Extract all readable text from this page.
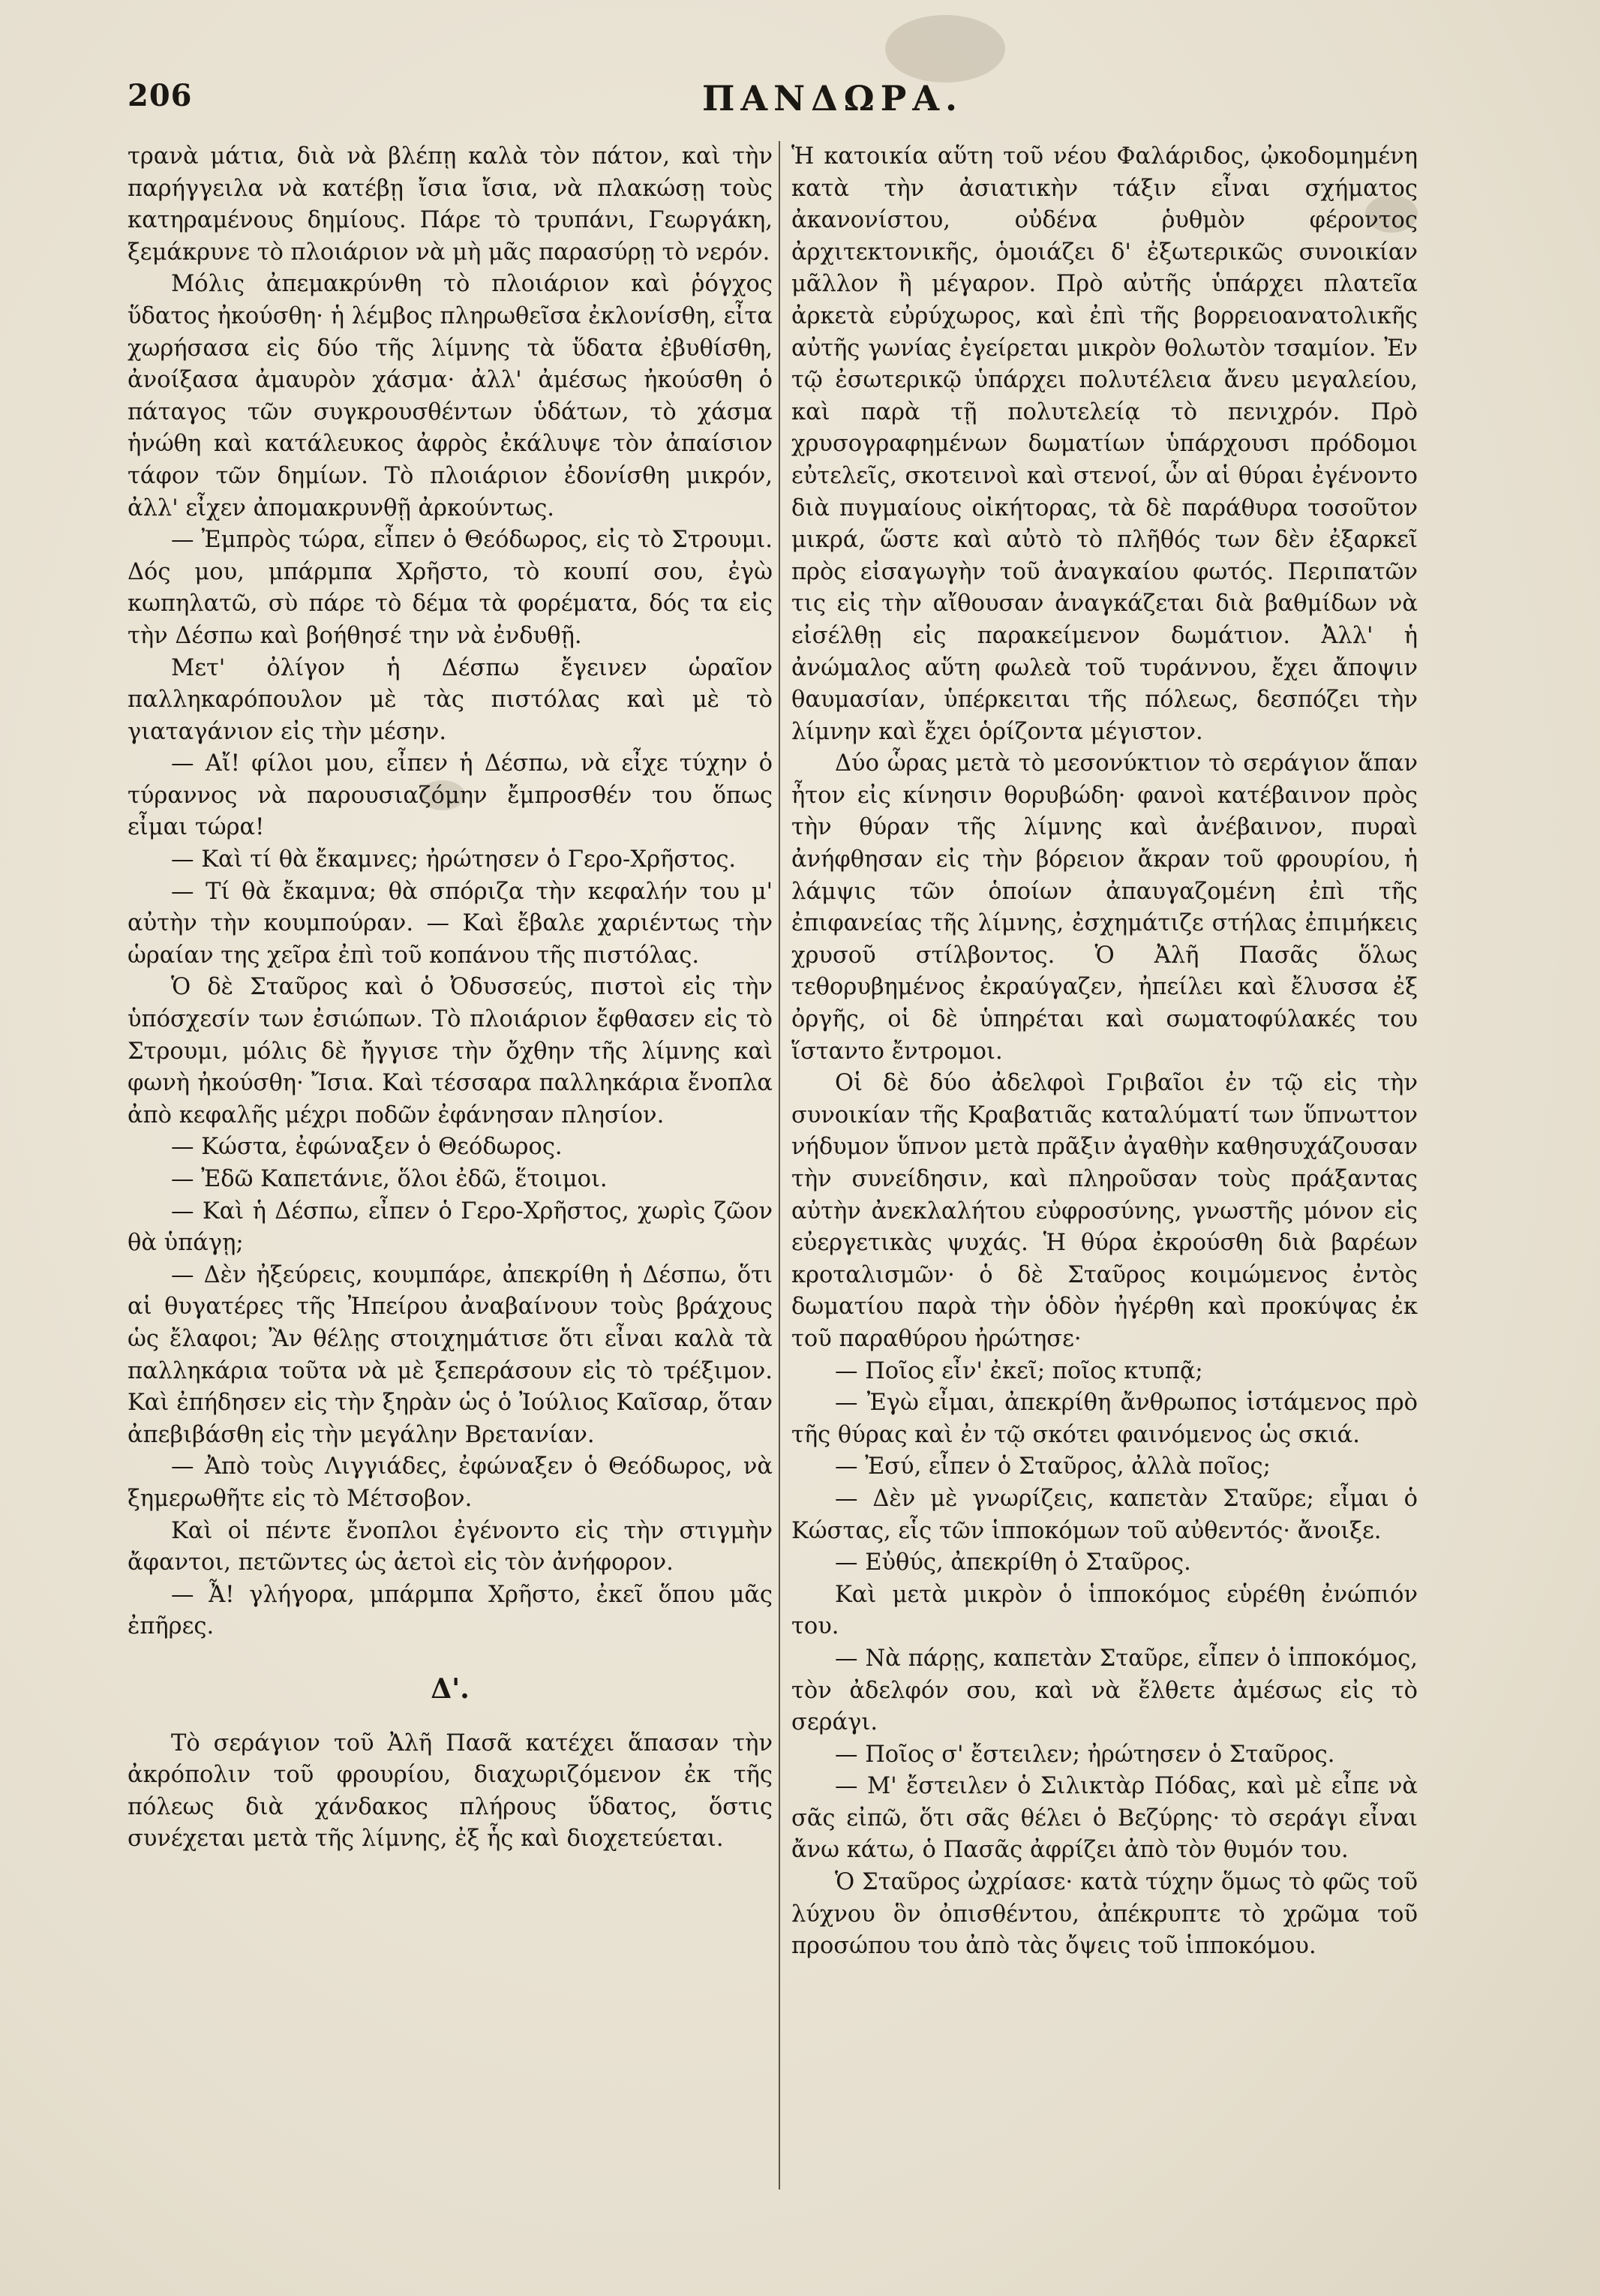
206	ΠΑΝΔΩΡΑ.

τρανὰ μάτια, διὰ νὰ βλέπῃ καλὰ τὸν πάτον, καὶ τὴν παρήγγειλα νὰ κατέβῃ ἴσια ἴσια, νὰ πλακώσῃ τοὺς κατηραμένους δημίους. Πάρε τὸ τρυπάνι, Γεωργάκη, ξεμάκρυνε τὸ πλοιάριον νὰ μὴ μᾶς παρασύρῃ τὸ νερόν.

Μόλις ἀπεμακρύνθη τὸ πλοιάριον καὶ ῥόγχος ὕδατος ἠκούσθη· ἡ λέμβος πληρωθεῖσα ἐκλονίσθη, εἶτα χωρήσασα εἰς δύο τῆς λίμνης τὰ ὕδατα ἐβυθίσθη, ἀνοίξασα ἀμαυρὸν χάσμα· ἀλλ' ἀμέσως ἠκούσθη ὁ πάταγος τῶν συγκρουσθέντων ὑδάτων, τὸ χάσμα ἡνώθη καὶ κατάλευκος ἀφρὸς ἐκάλυψε τὸν ἀπαίσιον τάφον τῶν δημίων. Τὸ πλοιάριον ἐδονίσθη μικρόν, ἀλλ' εἶχεν ἀπομακρυνθῇ ἀρκούντως.

— Ἐμπρὸς τώρα, εἶπεν ὁ Θεόδωρος, εἰς τὸ Στρουμι. Δός μου, μπάρμπα Χρῆστο, τὸ κουπί σου, ἐγὼ κωπηλατῶ, σὺ πάρε τὸ δέμα τὰ φορέματα, δός τα εἰς τὴν Δέσπω καὶ βοήθησέ την νὰ ἐνδυθῇ.

Μετ' ὀλίγον ἡ Δέσπω ἔγεινεν ὡραῖον παλληκαρόπουλον μὲ τὰς πιστόλας καὶ μὲ τὸ γιαταγάνιον εἰς τὴν μέσην.

— Αἴ! φίλοι μου, εἶπεν ἡ Δέσπω, νὰ εἶχε τύχην ὁ τύραννος νὰ παρουσιαζόμην ἔμπροσθέν του ὅπως εἶμαι τώρα!

— Καὶ τί θὰ ἔκαμνες; ἠρώτησεν ὁ Γερο-Χρῆστος.

— Τί θὰ ἔκαμνα; θὰ σπόριζα τὴν κεφαλήν του μ' αὐτὴν τὴν κουμπούραν. — Καὶ ἔβαλε χαριέντως τὴν ὡραίαν της χεῖρα ἐπὶ τοῦ κοπάνου τῆς πιστόλας.

Ὁ δὲ Σταῦρος καὶ ὁ Ὀδυσσεύς, πιστοὶ εἰς τὴν ὑπόσχεσίν των ἐσιώπων. Τὸ πλοιάριον ἔφθασεν εἰς τὸ Στρουμι, μόλις δὲ ἤγγισε τὴν ὄχθην τῆς λίμνης καὶ φωνὴ ἠκούσθη· Ἴσια. Καὶ τέσσαρα παλληκάρια ἔνοπλα ἀπὸ κεφαλῆς μέχρι ποδῶν ἐφάνησαν πλησίον.

— Κώστα, ἐφώναξεν ὁ Θεόδωρος.

— Ἐδῶ Καπετάνιε, ὅλοι ἐδῶ, ἕτοιμοι.

— Καὶ ἡ Δέσπω, εἶπεν ὁ Γερο-Χρῆστος, χωρὶς ζῶον θὰ ὑπάγῃ;

— Δὲν ἠξεύρεις, κουμπάρε, ἀπεκρίθη ἡ Δέσπω, ὅτι αἱ θυγατέρες τῆς Ἠπείρου ἀναβαίνουν τοὺς βράχους ὡς ἔλαφοι; Ἂν θέλῃς στοιχημάτισε ὅτι εἶναι καλὰ τὰ παλληκάρια τοῦτα νὰ μὲ ξεπεράσουν εἰς τὸ τρέξιμον. Καὶ ἐπήδησεν εἰς τὴν ξηρὰν ὡς ὁ Ἰούλιος Καῖσαρ, ὅταν ἀπεβιβάσθη εἰς τὴν μεγάλην Βρετανίαν.

— Ἀπὸ τοὺς Λιγγιάδες, ἐφώναξεν ὁ Θεόδωρος, νὰ ξημερωθῆτε εἰς τὸ Μέτσοβον.

Καὶ οἱ πέντε ἔνοπλοι ἐγένοντο εἰς τὴν στιγμὴν ἄφαντοι, πετῶντες ὡς ἀετοὶ εἰς τὸν ἀνήφορον.

— Ἆ! γλήγορα, μπάρμπα Χρῆστο, ἐκεῖ ὅπου μᾶς ἐπῆρες.

Δ'.

Τὸ σεράγιον τοῦ Ἀλῆ Πασᾶ κατέχει ἅπασαν τὴν ἀκρόπολιν τοῦ φρουρίου, διαχωριζόμενον ἐκ τῆς πόλεως διὰ χάνδακος πλήρους ὕδατος, ὅστις συνέχεται μετὰ τῆς λίμνης, ἐξ ἧς καὶ διοχετεύεται.

Ἡ κατοικία αὕτη τοῦ νέου Φαλάριδος, ᾠκοδομημένη κατὰ τὴν ἀσιατικὴν τάξιν εἶναι σχήματος ἀκανονίστου, οὐδένα ῥυθμὸν φέροντος ἀρχιτεκτονικῆς, ὁμοιάζει δ' ἐξωτερικῶς συνοικίαν μᾶλλον ἢ μέγαρον. Πρὸ αὐτῆς ὑπάρχει πλατεῖα ἀρκετὰ εὐρύχωρος, καὶ ἐπὶ τῆς βορρειοανατολικῆς αὐτῆς γωνίας ἐγείρεται μικρὸν θολωτὸν τσαμίον. Ἐν τῷ ἐσωτερικῷ ὑπάρχει πολυτέλεια ἄνευ μεγαλείου, καὶ παρὰ τῇ πολυτελείᾳ τὸ πενιχρόν. Πρὸ χρυσογραφημένων δωματίων ὑπάρχουσι πρόδομοι εὐτελεῖς, σκοτεινοὶ καὶ στενοί, ὧν αἱ θύραι ἐγένοντο διὰ πυγμαίους οἰκήτορας, τὰ δὲ παράθυρα τοσοῦτον μικρά, ὥστε καὶ αὐτὸ τὸ πλῆθός των δὲν ἐξαρκεῖ πρὸς εἰσαγωγὴν τοῦ ἀναγκαίου φωτός. Περιπατῶν τις εἰς τὴν αἴθουσαν ἀναγκάζεται διὰ βαθμίδων νὰ εἰσέλθῃ εἰς παρακείμενον δωμάτιον. Ἀλλ' ἡ ἀνώμαλος αὕτη φωλεὰ τοῦ τυράννου, ἔχει ἄποψιν θαυμασίαν, ὑπέρκειται τῆς πόλεως, δεσπόζει τὴν λίμνην καὶ ἔχει ὁρίζοντα μέγιστον.

Δύο ὧρας μετὰ τὸ μεσονύκτιον τὸ σεράγιον ἅπαν ἦτον εἰς κίνησιν θορυβώδη· φανοὶ κατέβαινον πρὸς τὴν θύραν τῆς λίμνης καὶ ἀνέβαινον, πυραὶ ἀνήφθησαν εἰς τὴν βόρειον ἄκραν τοῦ φρουρίου, ἡ λάμψις τῶν ὁποίων ἀπαυγαζομένη ἐπὶ τῆς ἐπιφανείας τῆς λίμνης, ἐσχημάτιζε στήλας ἐπιμήκεις χρυσοῦ στίλβοντος. Ὁ Ἀλῆ Πασᾶς ὅλως τεθορυβημένος ἐκραύγαζεν, ἠπείλει καὶ ἔλυσσα ἐξ ὀργῆς, οἱ δὲ ὑπηρέται καὶ σωματοφύλακές του ἵσταντο ἔντρομοι.

Οἱ δὲ δύο ἀδελφοὶ Γριβαῖοι ἐν τῷ εἰς τὴν συνοικίαν τῆς Κραβατιᾶς καταλύματί των ὕπνωττον νήδυμον ὕπνον μετὰ πρᾶξιν ἀγαθὴν καθησυχάζουσαν τὴν συνείδησιν, καὶ πληροῦσαν τοὺς πράξαντας αὐτὴν ἀνεκλαλήτου εὐφροσύνης, γνωστῆς μόνον εἰς εὐεργετικὰς ψυχάς. Ἡ θύρα ἐκρούσθη διὰ βαρέων κροταλισμῶν· ὁ δὲ Σταῦρος κοιμώμενος ἐντὸς δωματίου παρὰ τὴν ὁδὸν ἠγέρθη καὶ προκύψας ἐκ τοῦ παραθύρου ἠρώτησε·

— Ποῖος εἶν' ἐκεῖ; ποῖος κτυπᾷ;

— Ἐγὼ εἶμαι, ἀπεκρίθη ἄνθρωπος ἱστάμενος πρὸ τῆς θύρας καὶ ἐν τῷ σκότει φαινόμενος ὡς σκιά.

— Ἐσύ, εἶπεν ὁ Σταῦρος, ἀλλὰ ποῖος;

— Δὲν μὲ γνωρίζεις, καπετὰν Σταῦρε; εἶμαι ὁ Κώστας, εἷς τῶν ἱπποκόμων τοῦ αὐθεντός· ἄνοιξε.

— Εὐθύς, ἀπεκρίθη ὁ Σταῦρος.

Καὶ μετὰ μικρὸν ὁ ἱπποκόμος εὑρέθη ἐνώπιόν του.

— Νὰ πάρῃς, καπετὰν Σταῦρε, εἶπεν ὁ ἱπποκόμος, τὸν ἀδελφόν σου, καὶ νὰ ἔλθετε ἀμέσως εἰς τὸ σεράγι.

— Ποῖος σ' ἔστειλεν; ἠρώτησεν ὁ Σταῦρος.

— Μ' ἔστειλεν ὁ Σιλικτὰρ Πόδας, καὶ μὲ εἶπε νὰ σᾶς εἰπῶ, ὅτι σᾶς θέλει ὁ Βεζύρης· τὸ σεράγι εἶναι ἄνω κάτω, ὁ Πασᾶς ἀφρίζει ἀπὸ τὸν θυμόν του.

Ὁ Σταῦρος ὠχρίασε· κατὰ τύχην ὅμως τὸ φῶς τοῦ λύχνου ὃν ὀπισθέντου, ἀπέκρυπτε τὸ χρῶμα τοῦ προσώπου του ἀπὸ τὰς ὄψεις τοῦ ἱπποκόμου.
